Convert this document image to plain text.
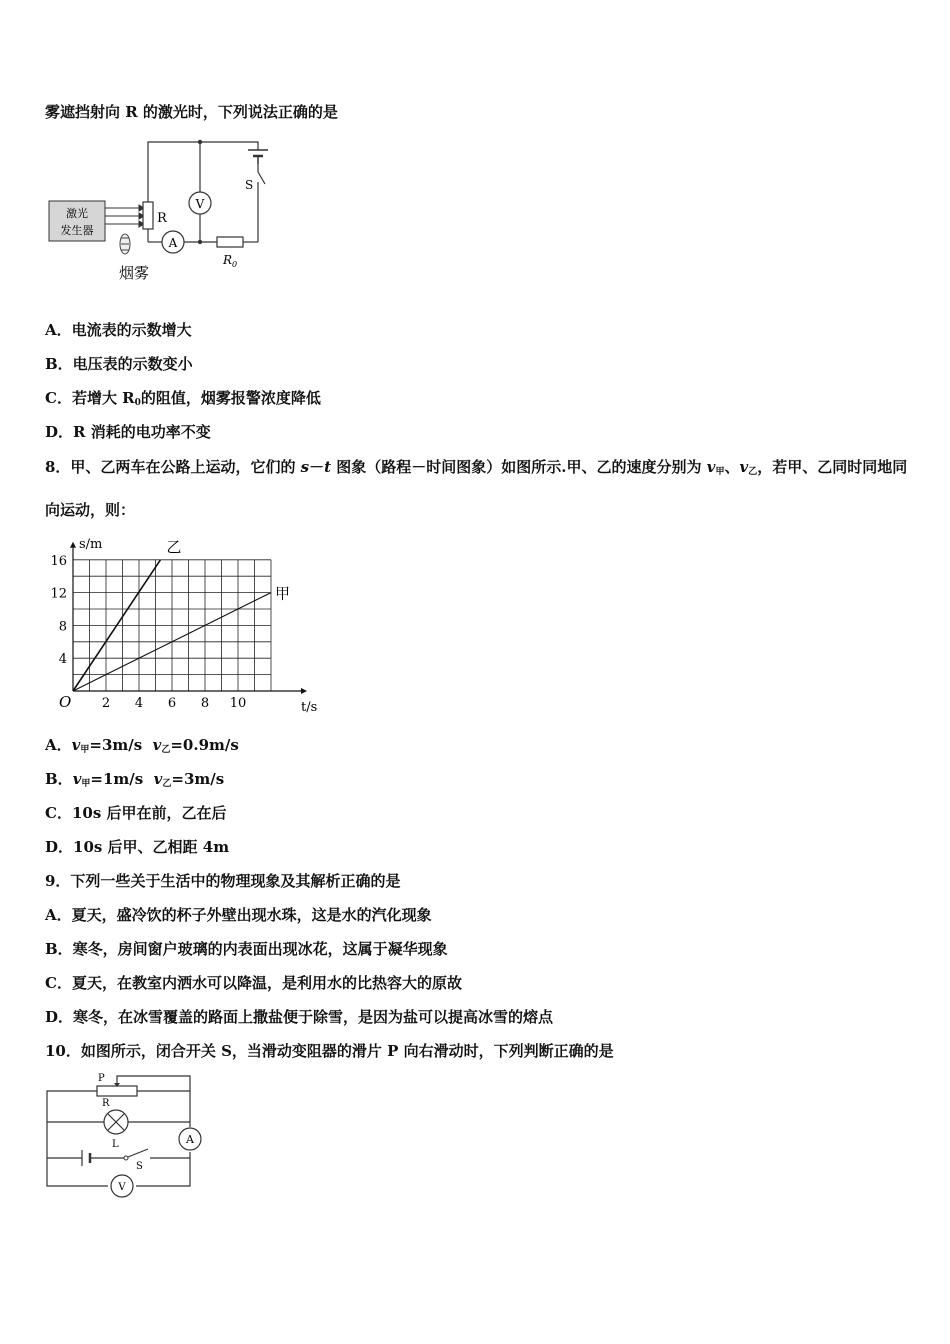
雾遮挡射向 R 的激光时，下列说法正确的是
激光
发生器
R
S
V
A
$R_0$
烟雾
A．电流表的示数增大
B．电压表的示数变小
C．若增大 $R_0$的阻值，烟雾报警浓度降低
D．R 消耗的电功率不变
8．甲、乙两车在公路上运动，它们的 s－t 图象（路程－时间图象）如图所示.甲、乙的速度分别为 $v_甲$、$v_乙$，若甲、乙同时同地同向运动，则：
2 4 6 8 10
4
8
12
16
O	t/s
s/m	乙
甲
A．$v_甲=3m/s$  $v_乙=0.9m/s$
B．$v_甲=1m/s$  $v_乙=3m/s$
C．10s 后甲在前，乙在后
D．10s 后甲、乙相距 4m
9．下列一些关于生活中的物理现象及其解析正确的是
A．夏天，盛冷饮的杯子外壁出现水珠，这是水的汽化现象
B．寒冬，房间窗户玻璃的内表面出现冰花，这属于凝华现象
C．夏天，在教室内洒水可以降温，是利用水的比热容大的原故
D．寒冬，在冰雪覆盖的路面上撒盐便于除雪，是因为盐可以提高冰雪的熔点
10．如图所示，闭合开关 S，当滑动变阻器的滑片 P 向右滑动时，下列判断正确的是
P
R
L
S
A
V
